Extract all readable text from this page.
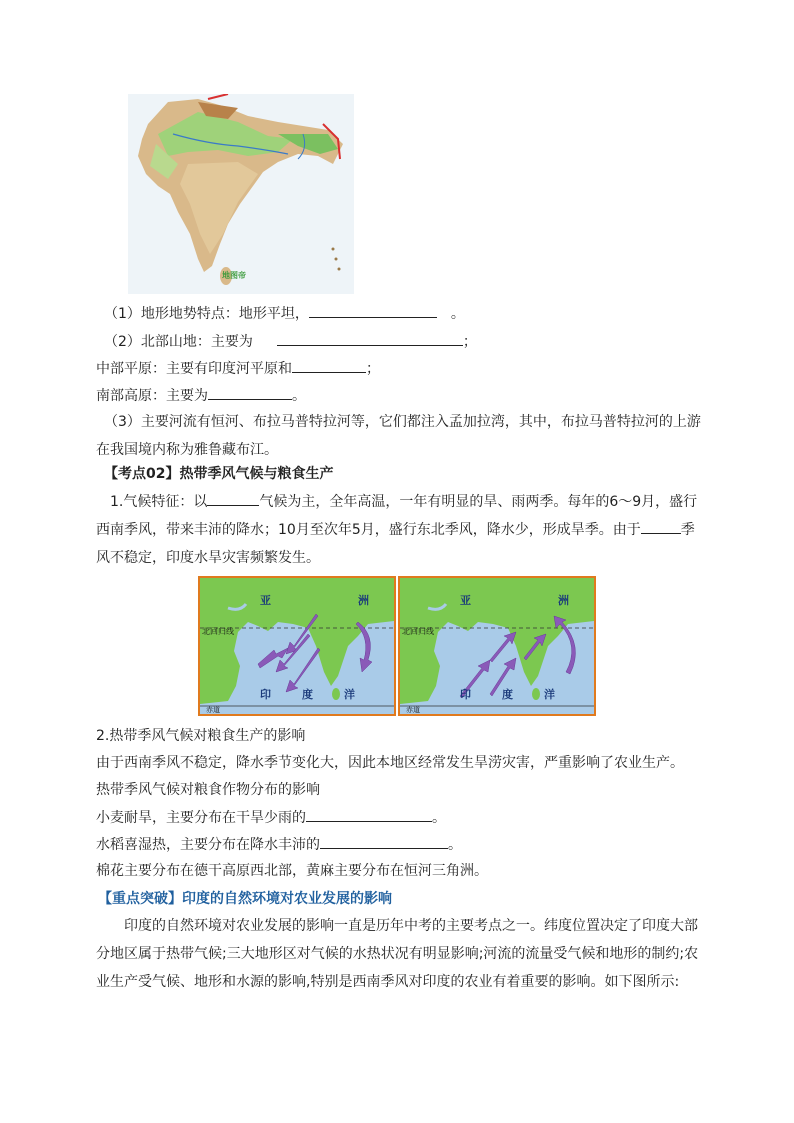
地图帝
（1）地形地势特点：地形平坦，	。
（2）北部山地：主要为	；
中部平原：主要有印度河平原和	；
南部高原：主要为	。
（3）主要河流有恒河、布拉马普特拉河等，它们都注入孟加拉湾，其中，布拉马普特拉河的上游在我国境内称为雅鲁藏布江。
【考点02】热带季风气候与粮食生产
1.气候特征：以	气候为主，全年高温，一年有明显的旱、雨两季。每年的6～9月，盛行西南季风，带来丰沛的降水；10月至次年5月，盛行东北季风，降水少，形成旱季。由于	季风不稳定，印度水旱灾害频繁发生。
亚	洲
北回归线
印	度	洋
赤道
亚	洲
北回归线
印	度	洋
赤道
2.热带季风气候对粮食生产的影响
由于西南季风不稳定，降水季节变化大，因此本地区经常发生旱涝灾害，严重影响了农业生产。
热带季风气候对粮食作物分布的影响
小麦耐旱，主要分布在干旱少雨的	。
水稻喜湿热，主要分布在降水丰沛的	。
棉花主要分布在德干高原西北部，黄麻主要分布在恒河三角洲。
【重点突破】印度的自然环境对农业发展的影响
印度的自然环境对农业发展的影响一直是历年中考的主要考点之一。纬度位置决定了印度大部分地区属于热带气候;三大地形区对气候的水热状况有明显影响;河流的流量受气候和地形的制约;农业生产受气候、地形和水源的影响,特别是西南季风对印度的农业有着重要的影响。如下图所示:
